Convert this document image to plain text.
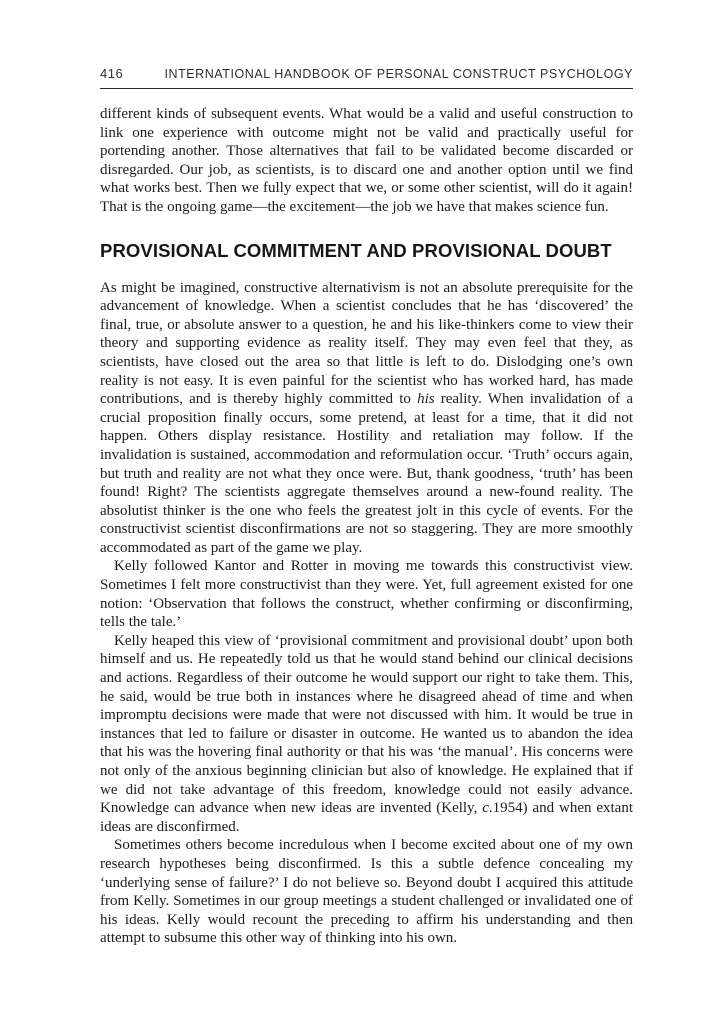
416	INTERNATIONAL HANDBOOK OF PERSONAL CONSTRUCT PSYCHOLOGY

different kinds of subsequent events. What would be a valid and useful construction to link one experience with outcome might not be valid and practically useful for portending another. Those alternatives that fail to be validated become discarded or disregarded. Our job, as scientists, is to discard one and another option until we find what works best. Then we fully expect that we, or some other scientist, will do it again! That is the ongoing game—the excitement—the job we have that makes science fun.

PROVISIONAL COMMITMENT AND PROVISIONAL DOUBT

As might be imagined, constructive alternativism is not an absolute prerequisite for the advancement of knowledge. When a scientist concludes that he has ‘discovered’ the final, true, or absolute answer to a question, he and his like-thinkers come to view their theory and supporting evidence as reality itself. They may even feel that they, as scientists, have closed out the area so that little is left to do. Dislodging one’s own reality is not easy. It is even painful for the scientist who has worked hard, has made contributions, and is thereby highly committed to his reality. When invalidation of a crucial proposition finally occurs, some pretend, at least for a time, that it did not happen. Others display resistance. Hostility and retaliation may follow. If the invalidation is sustained, accommodation and reformulation occur. ‘Truth’ occurs again, but truth and reality are not what they once were. But, thank goodness, ‘truth’ has been found! Right? The scientists aggregate themselves around a new-found reality. The absolutist thinker is the one who feels the greatest jolt in this cycle of events. For the constructivist scientist disconfirmations are not so staggering. They are more smoothly accommodated as part of the game we play.

Kelly followed Kantor and Rotter in moving me towards this constructivist view. Sometimes I felt more constructivist than they were. Yet, full agreement existed for one notion: ‘Observation that follows the construct, whether confirming or disconfirming, tells the tale.’

Kelly heaped this view of ‘provisional commitment and provisional doubt’ upon both himself and us. He repeatedly told us that he would stand behind our clinical decisions and actions. Regardless of their outcome he would support our right to take them. This, he said, would be true both in instances where he disagreed ahead of time and when impromptu decisions were made that were not discussed with him. It would be true in instances that led to failure or disaster in outcome. He wanted us to abandon the idea that his was the hovering final authority or that his was ‘the manual’. His concerns were not only of the anxious beginning clinician but also of knowledge. He explained that if we did not take advantage of this freedom, knowledge could not easily advance. Knowledge can advance when new ideas are invented (Kelly, c.1954) and when extant ideas are disconfirmed.

Sometimes others become incredulous when I become excited about one of my own research hypotheses being disconfirmed. Is this a subtle defence concealing my ‘underlying sense of failure?’ I do not believe so. Beyond doubt I acquired this attitude from Kelly. Sometimes in our group meetings a student challenged or invalidated one of his ideas. Kelly would recount the preceding to affirm his understanding and then attempt to subsume this other way of thinking into his own.
